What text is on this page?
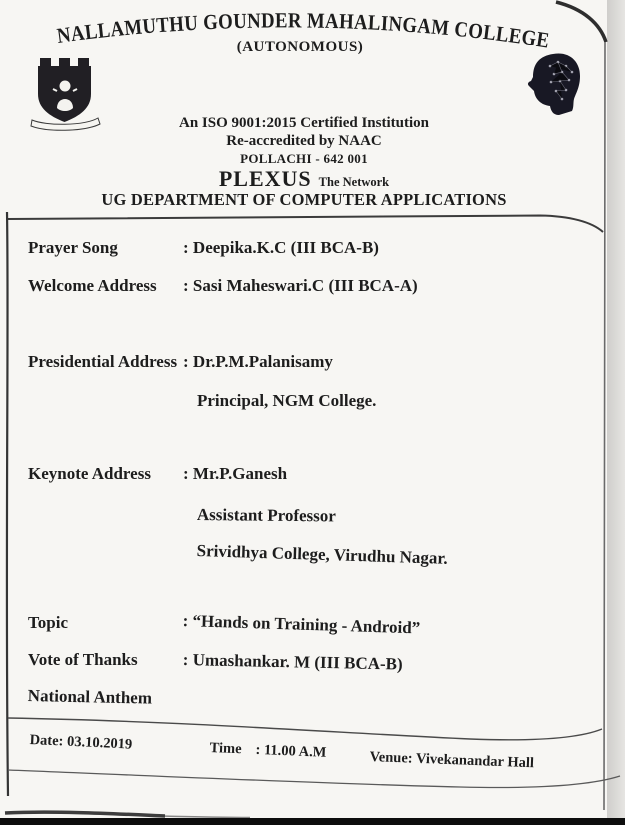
NALLAMUTHU GOUNDER MAHALINGAM COLLEGE
(AUTONOMOUS)
An ISO 9001:2015 Certified Institution
Re-accredited by NAAC
POLLACHI - 642 001
PLEXUS The Network
UG DEPARTMENT OF COMPUTER APPLICATIONS
Prayer Song	: Deepika.K.C (III BCA-B)
Welcome Address : Sasi Maheswari.C (III BCA-A)
Presidential Address : Dr.P.M.Palanisamy
Principal, NGM College.
Keynote Address : Mr.P.Ganesh
Assistant Professor
Srividhya College, Virudhu Nagar.
Topic	: “Hands on Training - Android”
Vote of Thanks	: Umashankar. M (III BCA-B)
National Anthem
Date: 03.10.2019	Time : 11.00 A.M	Venue: Vivekanandar Hall
